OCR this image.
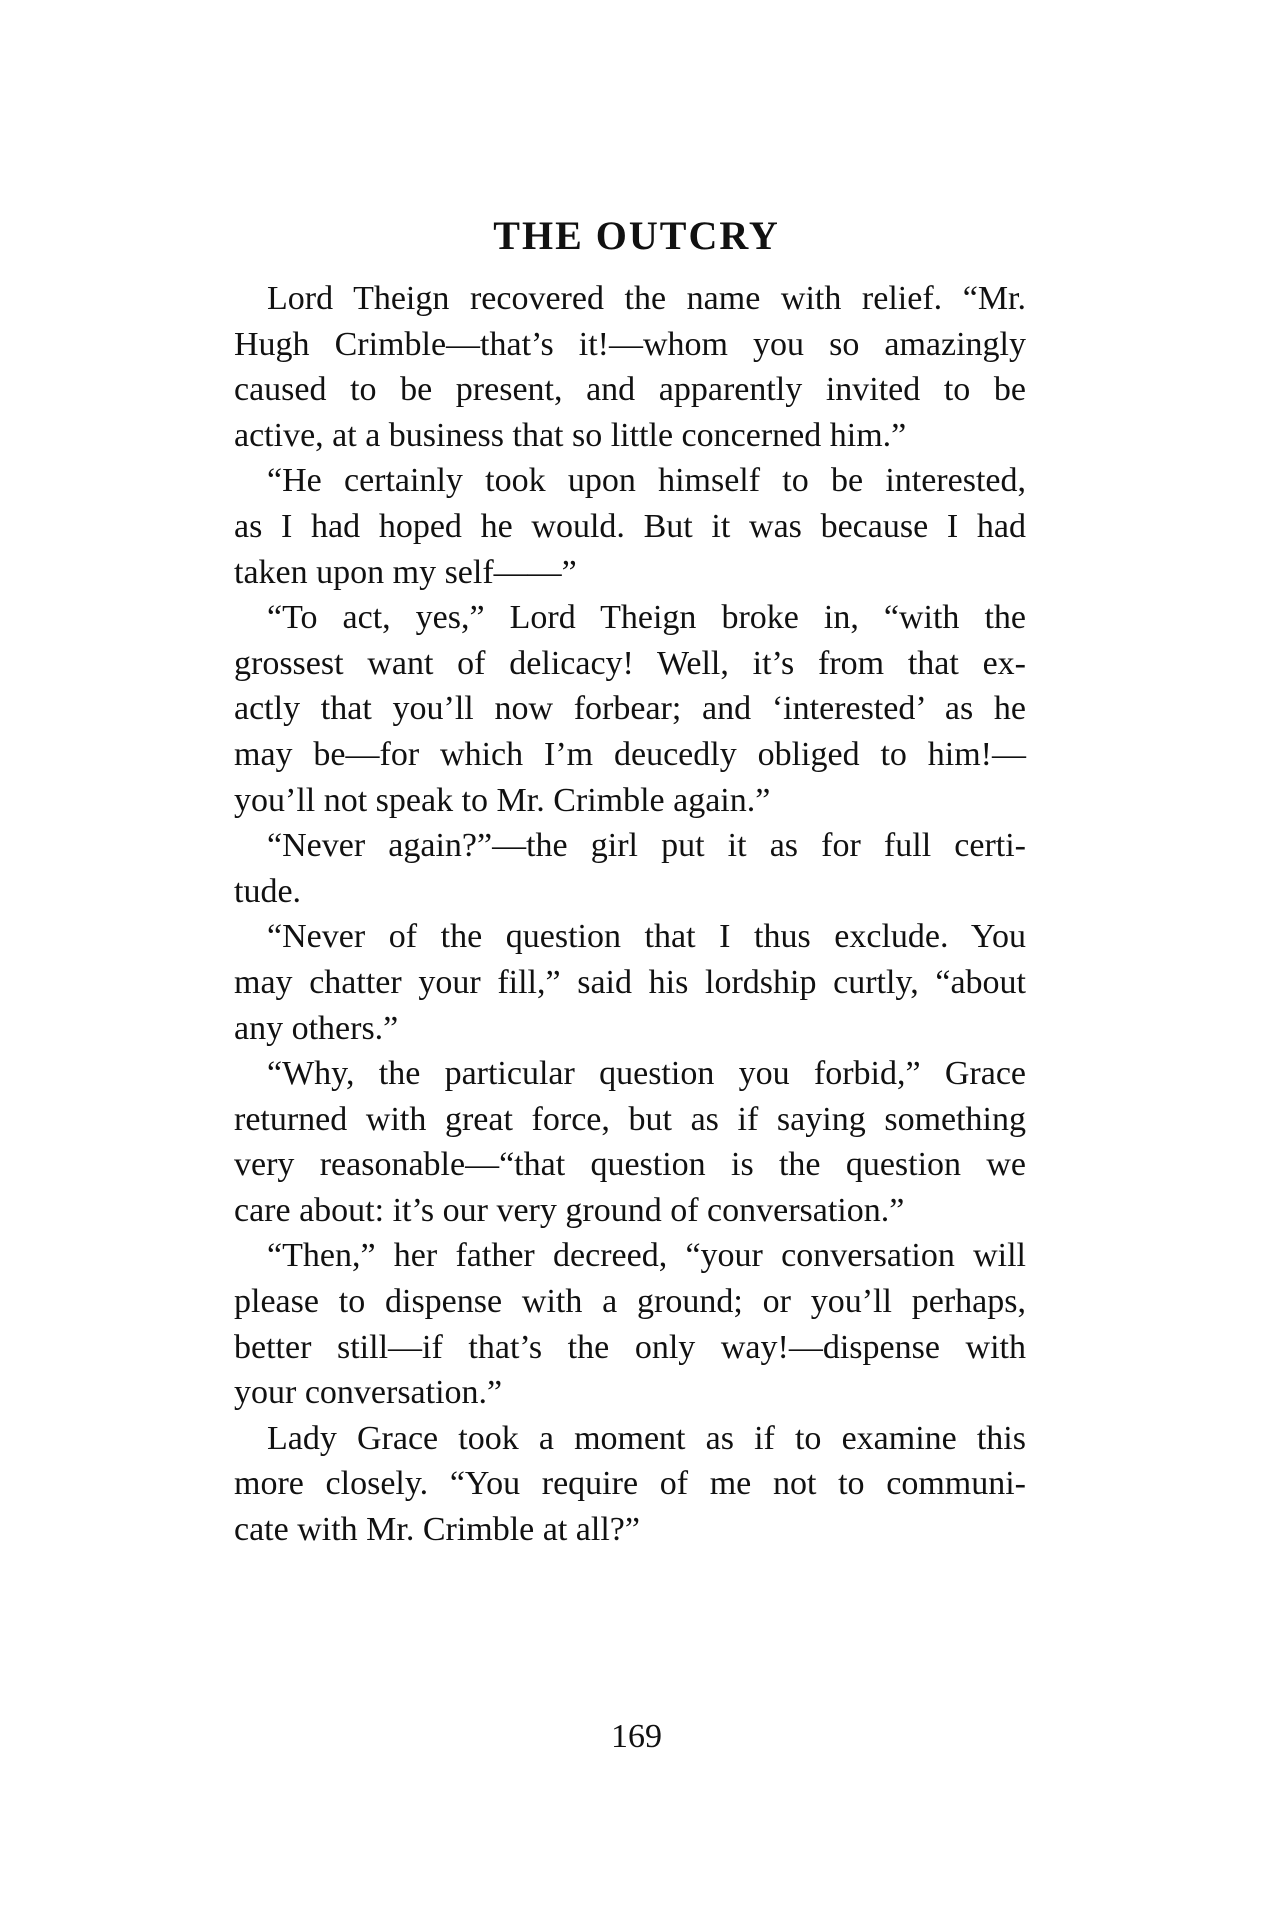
THE OUTCRY
Lord Theign recovered the name with relief. “Mr.
Hugh Crimble—that’s it!—whom you so amazingly
caused to be present, and apparently invited to be
active, at a business that so little concerned him.”
“He certainly took upon himself to be interested,
as I had hoped he would. But it was because I had
taken upon my self——”
“To act, yes,” Lord Theign broke in, “with the
grossest want of delicacy! Well, it’s from that ex-
actly that you’ll now forbear; and ‘interested’ as he
may be—for which I’m deucedly obliged to him!—
you’ll not speak to Mr. Crimble again.”
“Never again?”—the girl put it as for full certi-
tude.
“Never of the question that I thus exclude. You
may chatter your fill,” said his lordship curtly, “about
any others.”
“Why, the particular question you forbid,” Grace
returned with great force, but as if saying something
very reasonable—“that question is the question we
care about: it’s our very ground of conversation.”
“Then,” her father decreed, “your conversation will
please to dispense with a ground; or you’ll perhaps,
better still—if that’s the only way!—dispense with
your conversation.”
Lady Grace took a moment as if to examine this
more closely. “You require of me not to communi-
cate with Mr. Crimble at all?”
169
